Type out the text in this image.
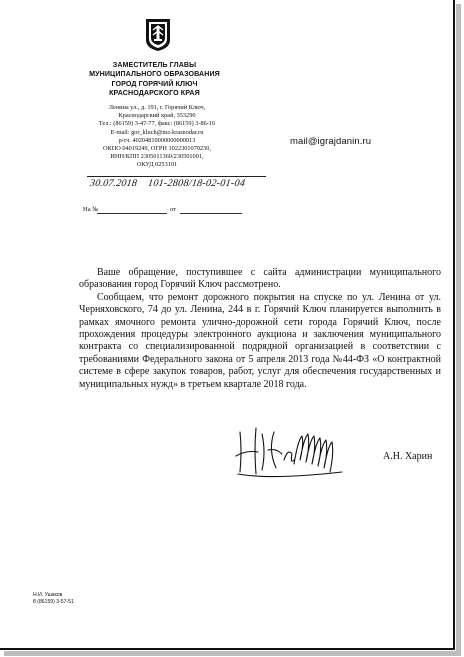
ЗАМЕСТИТЕЛЬ ГЛАВЫ
МУНИЦИПАЛЬНОГО ОБРАЗОВАНИЯ
ГОРОД ГОРЯЧИЙ КЛЮЧ
КРАСНОДАРСКОГО КРАЯ
Ленина ул., д. 191, г. Горячий Ключ,
Краснодарский край, 353290
Тел.: (86159) 3-47-77, факс: (86159) 3-86-16
E-mail: gor_kluch@mo.krasnodar.ru
р/сч. 40204810000000000013
ОКПО 04019249, ОГРН 1022301070230,
ИНН/КПП 2305011360/230501001,
ОКУД 0253101
mail@igrajdanin.ru
30.07.2018 101-2808/18-02-01-04
На №	от

Ваше обращение, поступившее с сайта администрации муниципального образования город Горячий Ключ рассмотрено.

Сообщаем, что ремонт дорожного покрытия на спуске по ул. Ленина от ул. Черняховского, 74 до ул. Ленина, 244 в г. Горячий Ключ планируется выполнить в рамках ямочного ремонта улично-дорожной сети города Горячий Ключ, после прохождения процедуры электронного аукциона и заключения муниципального контракта со специализированной подрядной организацией в соответствии с требованиями Федерального закона от 5 апреля 2013 года №44-ФЗ «О контрактной системе в сфере закупок товаров, работ, услуг для обеспечения государственных и муниципальных нужд» в третьем квартале 2018 года.

А.Н. Харин
Н.И. Ушаков
8 (86159) 3-57-51
